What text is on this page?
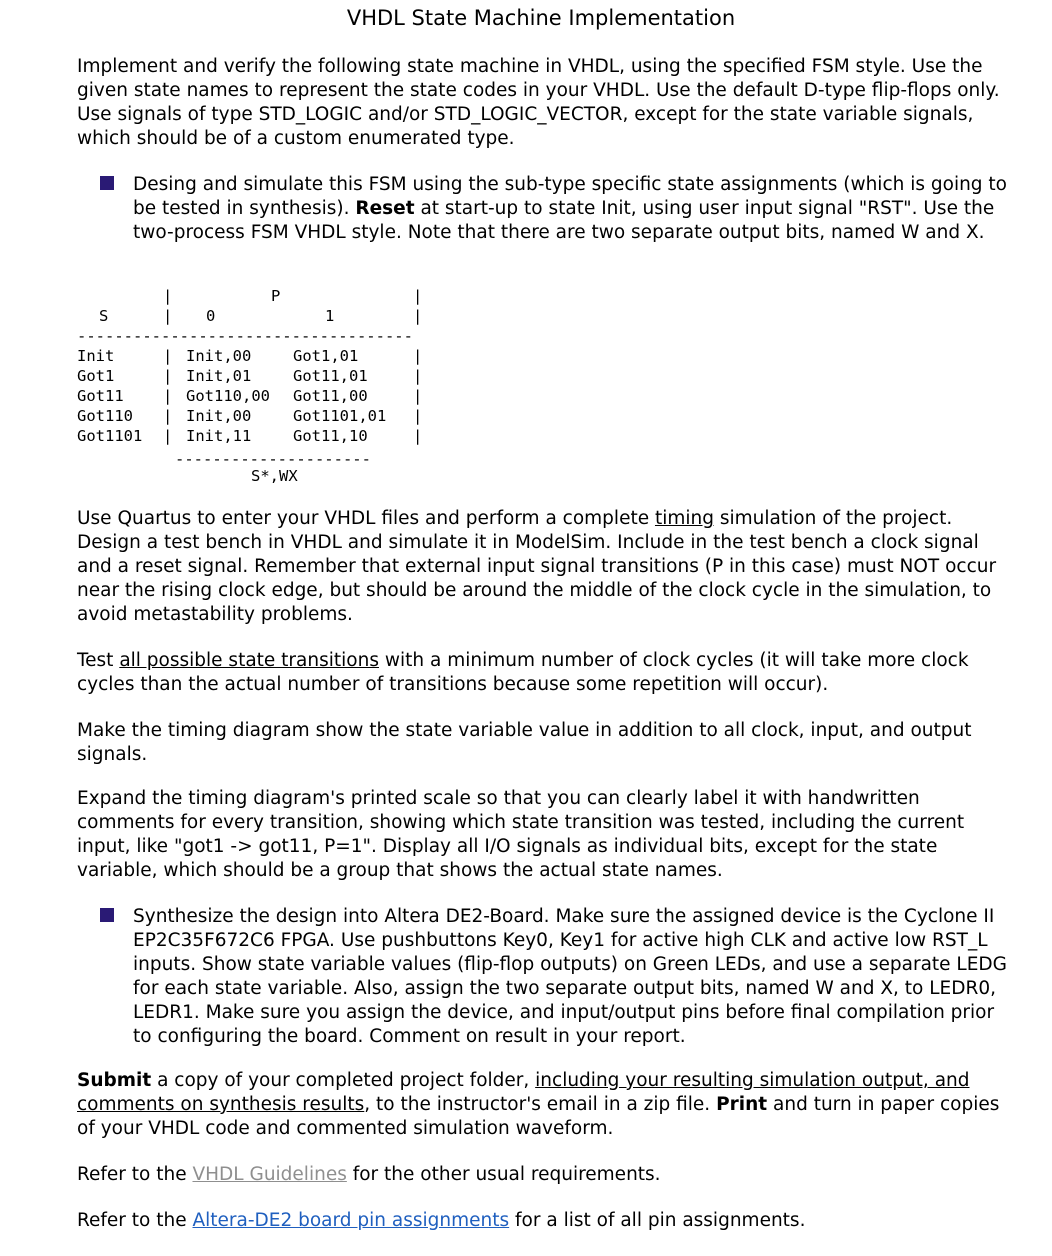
VHDL State Machine Implementation

Implement and verify the following state machine in VHDL, using the specified FSM style. Use the given state names to represent the state codes in your VHDL. Use the default D-type flip-flops only. Use signals of type STD_LOGIC and/or STD_LOGIC_VECTOR, except for the state variable signals, which should be of a custom enumerated type.

Desing and simulate this FSM using the sub-type specific state assignments (which is going to be tested in synthesis). Reset at start-up to state Init, using user input signal "RST". Use the two-process FSM VHDL style. Note that there are two separate output bits, named W and X.

|
|
|
|
P
S	0	1
------------------------------------
Init
Got1
Got11
Got110
Got1101
|
|
|
|
|
Init,00
Init,01
Got110,00
Init,00
Init,11
Got1,01
Got11,01
Got11,00
Got1101,01
Got11,10
|
|
|
|
|
---------------------
S*,WX

Use Quartus to enter your VHDL files and perform a complete timing simulation of the project. Design a test bench in VHDL and simulate it in ModelSim. Include in the test bench a clock signal and a reset signal. Remember that external input signal transitions (P in this case) must NOT occur near the rising clock edge, but should be around the middle of the clock cycle in the simulation, to avoid metastability problems.

Test all possible state transitions with a minimum number of clock cycles (it will take more clock cycles than the actual number of transitions because some repetition will occur).

Make the timing diagram show the state variable value in addition to all clock, input, and output signals.

Expand the timing diagram's printed scale so that you can clearly label it with handwritten comments for every transition, showing which state transition was tested, including the current input, like "got1 -> got11, P=1". Display all I/O signals as individual bits, except for the state variable, which should be a group that shows the actual state names.

Synthesize the design into Altera DE2-Board. Make sure the assigned device is the Cyclone II EP2C35F672C6 FPGA. Use pushbuttons Key0, Key1 for active high CLK and active low RST_L inputs. Show state variable values (flip-flop outputs) on Green LEDs, and use a separate LEDG for each state variable. Also, assign the two separate output bits, named W and X, to LEDR0, LEDR1. Make sure you assign the device, and input/output pins before final compilation prior to configuring the board. Comment on result in your report.

Submit a copy of your completed project folder, including your resulting simulation output, and comments on synthesis results, to the instructor's email in a zip file. Print and turn in paper copies of your VHDL code and commented simulation waveform.

Refer to the VHDL Guidelines for the other usual requirements.

Refer to the Altera-DE2 board pin assignments for a list of all pin assignments.
